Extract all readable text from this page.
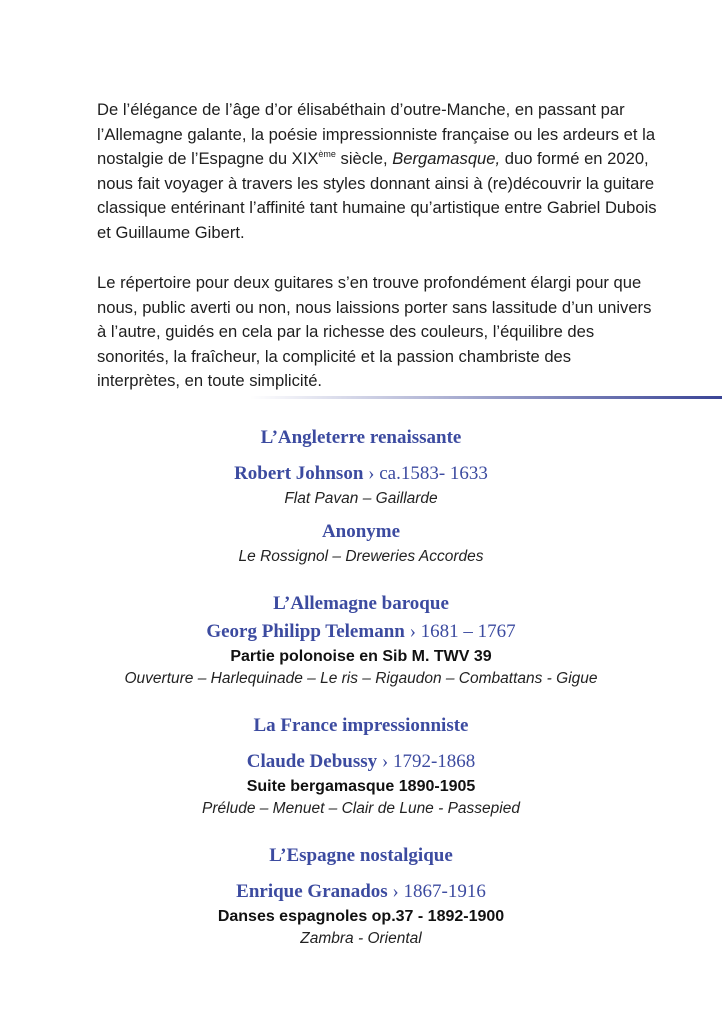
De l’élégance de l’âge d’or élisabéthain d’outre-Manche, en passant par l’Allemagne galante, la poésie impressionniste française ou les ardeurs et la nostalgie de l’Espagne du XIXème siècle, Bergamasque, duo formé en 2020, nous fait voyager à travers les styles donnant ainsi à (re)découvrir la guitare classique entérinant l’affinité tant humaine qu’artistique entre Gabriel Dubois et Guillaume Gibert.

Le répertoire pour deux guitares s’en trouve profondément élargi pour que nous, public averti ou non, nous laissions porter sans lassitude d’un univers à l’autre, guidés en cela par la richesse des couleurs, l’équilibre des sonorités, la fraîcheur, la complicité et la passion chambriste des interprètes, en toute simplicité.

L’Angleterre renaissante
Robert Johnson › ca.1583- 1633
Flat Pavan – Gaillarde
Anonyme
Le Rossignol – Dreweries Accordes
L’Allemagne baroque
Georg Philipp Telemann › 1681 – 1767
Partie polonoise en Sib M. TWV 39
Ouverture – Harlequinade – Le ris – Rigaudon – Combattans - Gigue
La France impressionniste
Claude Debussy › 1792-1868
Suite bergamasque 1890-1905
Prélude – Menuet – Clair de Lune - Passepied
L’Espagne nostalgique
Enrique Granados › 1867-1916
Danses espagnoles op.37 - 1892-1900
Zambra - Oriental
